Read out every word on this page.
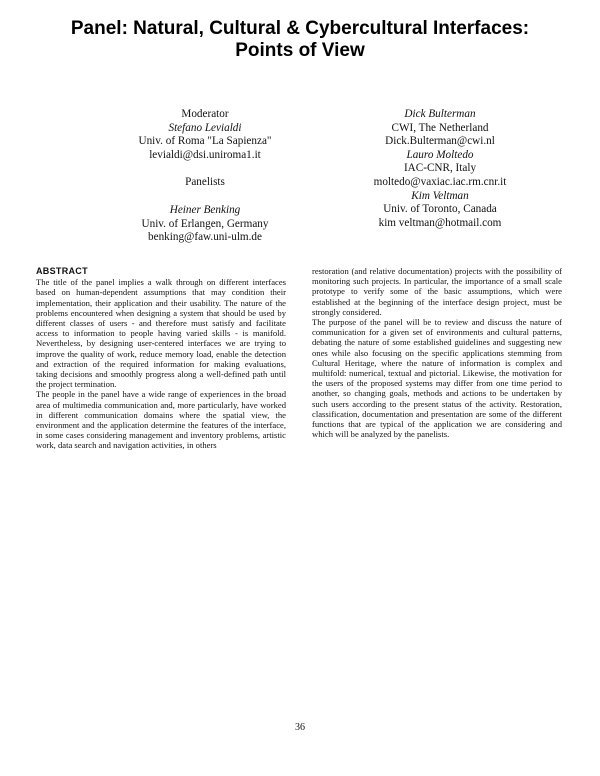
Panel: Natural, Cultural & Cybercultural Interfaces:
Points of View
Moderator
Stefano Levialdi
Univ. of Roma "La Sapienza"
levialdi@dsi.uniroma1.it
Panelists
Heiner Benking
Univ. of Erlangen, Germany
benking@faw.uni-ulm.de
Dick Bulterman
CWI, The Netherland
Dick.Bulterman@cwi.nl
Lauro Moltedo
IAC-CNR, Italy
moltedo@vaxiac.iac.rm.cnr.it
Kim Veltman
Univ. of Toronto, Canada
kim veltman@hotmail.com
ABSTRACT

The title of the panel implies a walk through on different interfaces based on human-dependent assumptions that may condition their implementation, their application and their usability. The nature of the problems encountered when designing a system that should be used by different classes of users - and therefore must satisfy and facilitate access to information to people having varied skills - is manifold. Nevertheless, by designing user-centered interfaces we are trying to improve the quality of work, reduce memory load, enable the detection and extraction of the required information for making evaluations, taking decisions and smoothly progress along a well-defined path until the project termination.

The people in the panel have a wide range of experiences in the broad area of multimedia communication and, more particularly, have worked in different communication domains where the spatial view, the environment and the application determine the features of the interface, in some cases considering management and inventory problems, artistic work, data search and navigation activities, in others

restoration (and relative documentation) projects with the possibility of monitoring such projects. In particular, the importance of a small scale prototype to verify some of the basic assumptions, which were established at the beginning of the interface design project, must be strongly considered.

The purpose of the panel will be to review and discuss the nature of communication for a given set of environments and cultural patterns, debating the nature of some established guidelines and suggesting new ones while also focusing on the specific applications stemming from Cultural Heritage, where the nature of information is complex and multifold: numerical, textual and pictorial. Likewise, the motivation for the users of the proposed systems may differ from one time period to another, so changing goals, methods and actions to be undertaken by such users according to the present status of the activity. Restoration, classification, documentation and presentation are some of the different functions that are typical of the application we are considering and which will be analyzed by the panelists.

36
